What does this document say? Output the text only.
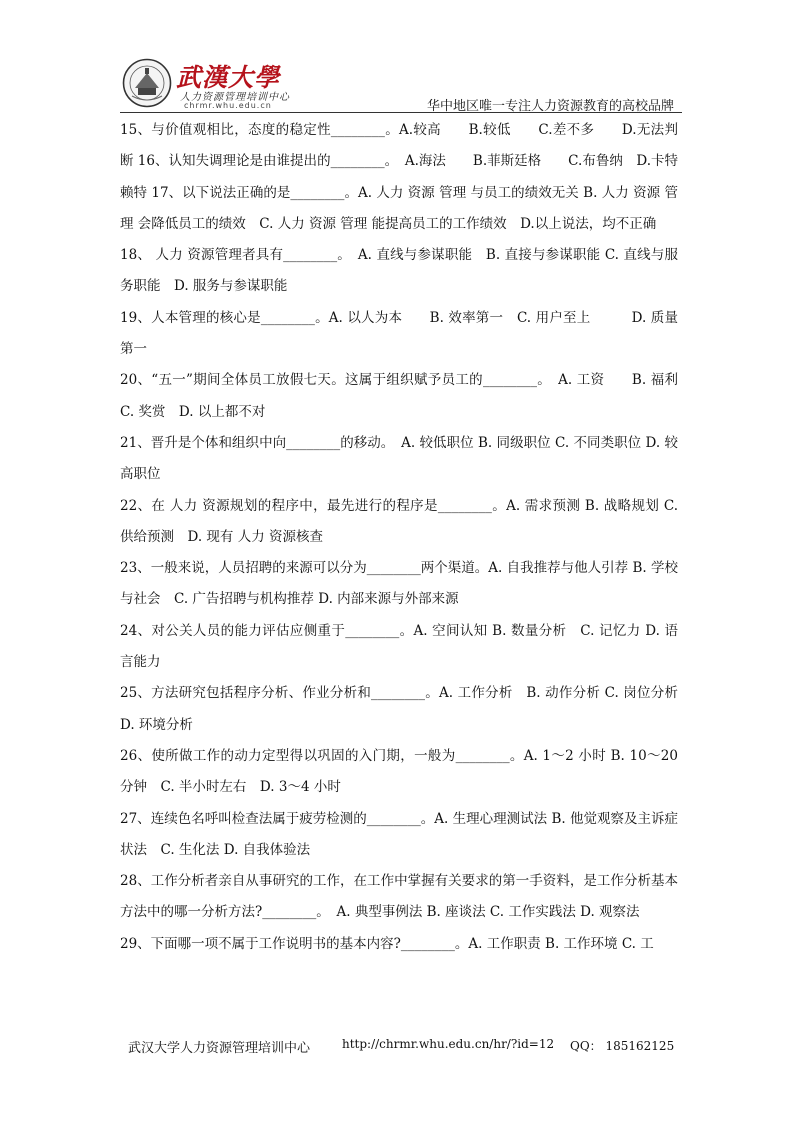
武漢大學
人力资源管理培训中心
chrmr.whu.edu.cn	华中地区唯一专注人力资源教育的高校品牌

15、与价值观相比，态度的稳定性________。A.较高　　B.较低　　C.差不多　　D.无法判断 16、认知失调理论是由谁提出的________。　A.海法　　B.菲斯廷格　　C.布鲁纳　D.卡特赖特 17、以下说法正确的是________。A. 人力 资源 管理 与员工的绩效无关 B. 人力 资源 管理 会降低员工的绩效　C. 人力 资源 管理 能提高员工的工作绩效　D.以上说法，均不正确

18、 人力 资源管理者具有________。　A. 直线与参谋职能　B. 直接与参谋职能 C. 直线与服务职能　D. 服务与参谋职能

19、人本管理的核心是________。A. 以人为本　　B. 效率第一　C. 用户至上　　　D. 质量第一

20、“五一”期间全体员工放假七天。这属于组织赋予员工的________。　A. 工资　　B. 福利　　C. 奖赏　D. 以上都不对

21、晋升是个体和组织中向________的移动。　A. 较低职位 B. 同级职位 C. 不同类职位 D. 较高职位

22、在 人力 资源规划的程序中，最先进行的程序是________。A. 需求预测 B. 战略规划 C. 供给预测　D. 现有 人力 资源核查

23、一般来说，人员招聘的来源可以分为________两个渠道。A. 自我推荐与他人引荐 B. 学校与社会　C. 广告招聘与机构推荐 D. 内部来源与外部来源

24、对公关人员的能力评估应侧重于________。A. 空间认知 B. 数量分析　C. 记忆力 D. 语言能力

25、方法研究包括程序分析、作业分析和________。A. 工作分析　B. 动作分析 C. 岗位分析 D. 环境分析

26、使所做工作的动力定型得以巩固的入门期，一般为________。A. 1～2 小时 B. 10～20 分钟　C. 半小时左右　D. 3～4 小时

27、连续色名呼叫检查法属于疲劳检测的________。A. 生理心理测试法 B. 他觉观察及主诉症状法　C. 生化法 D. 自我体验法

28、工作分析者亲自从事研究的工作，在工作中掌握有关要求的第一手资料，是工作分析基本方法中的哪一分析方法?________。　A. 典型事例法 B. 座谈法 C. 工作实践法 D. 观察法

29、下面哪一项不属于工作说明书的基本内容?________。A. 工作职责 B. 工作环境 C. 工

武汉大学人力资源管理培训中心	http://chrmr.whu.edu.cn/hr/?id=12 QQ： 185162125
